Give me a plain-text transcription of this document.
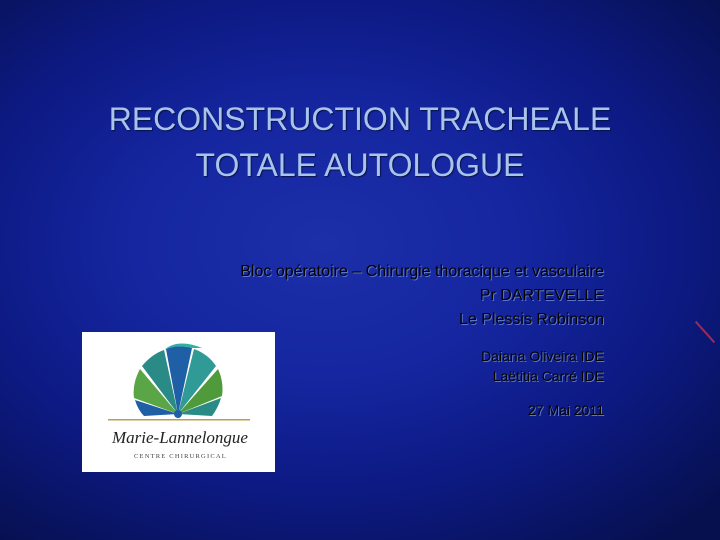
RECONSTRUCTION TRACHEALE
TOTALE AUTOLOGUE
Bloc opératoire – Chirurgie thoracique et vasculaire
Pr DARTEVELLE
Le Plessis Robinson
Daiana Oliveira IDE
Laëtitia Carré IDE
27 Mai 2011
Marie-Lannelongue
CENTRE CHIRURGICAL
